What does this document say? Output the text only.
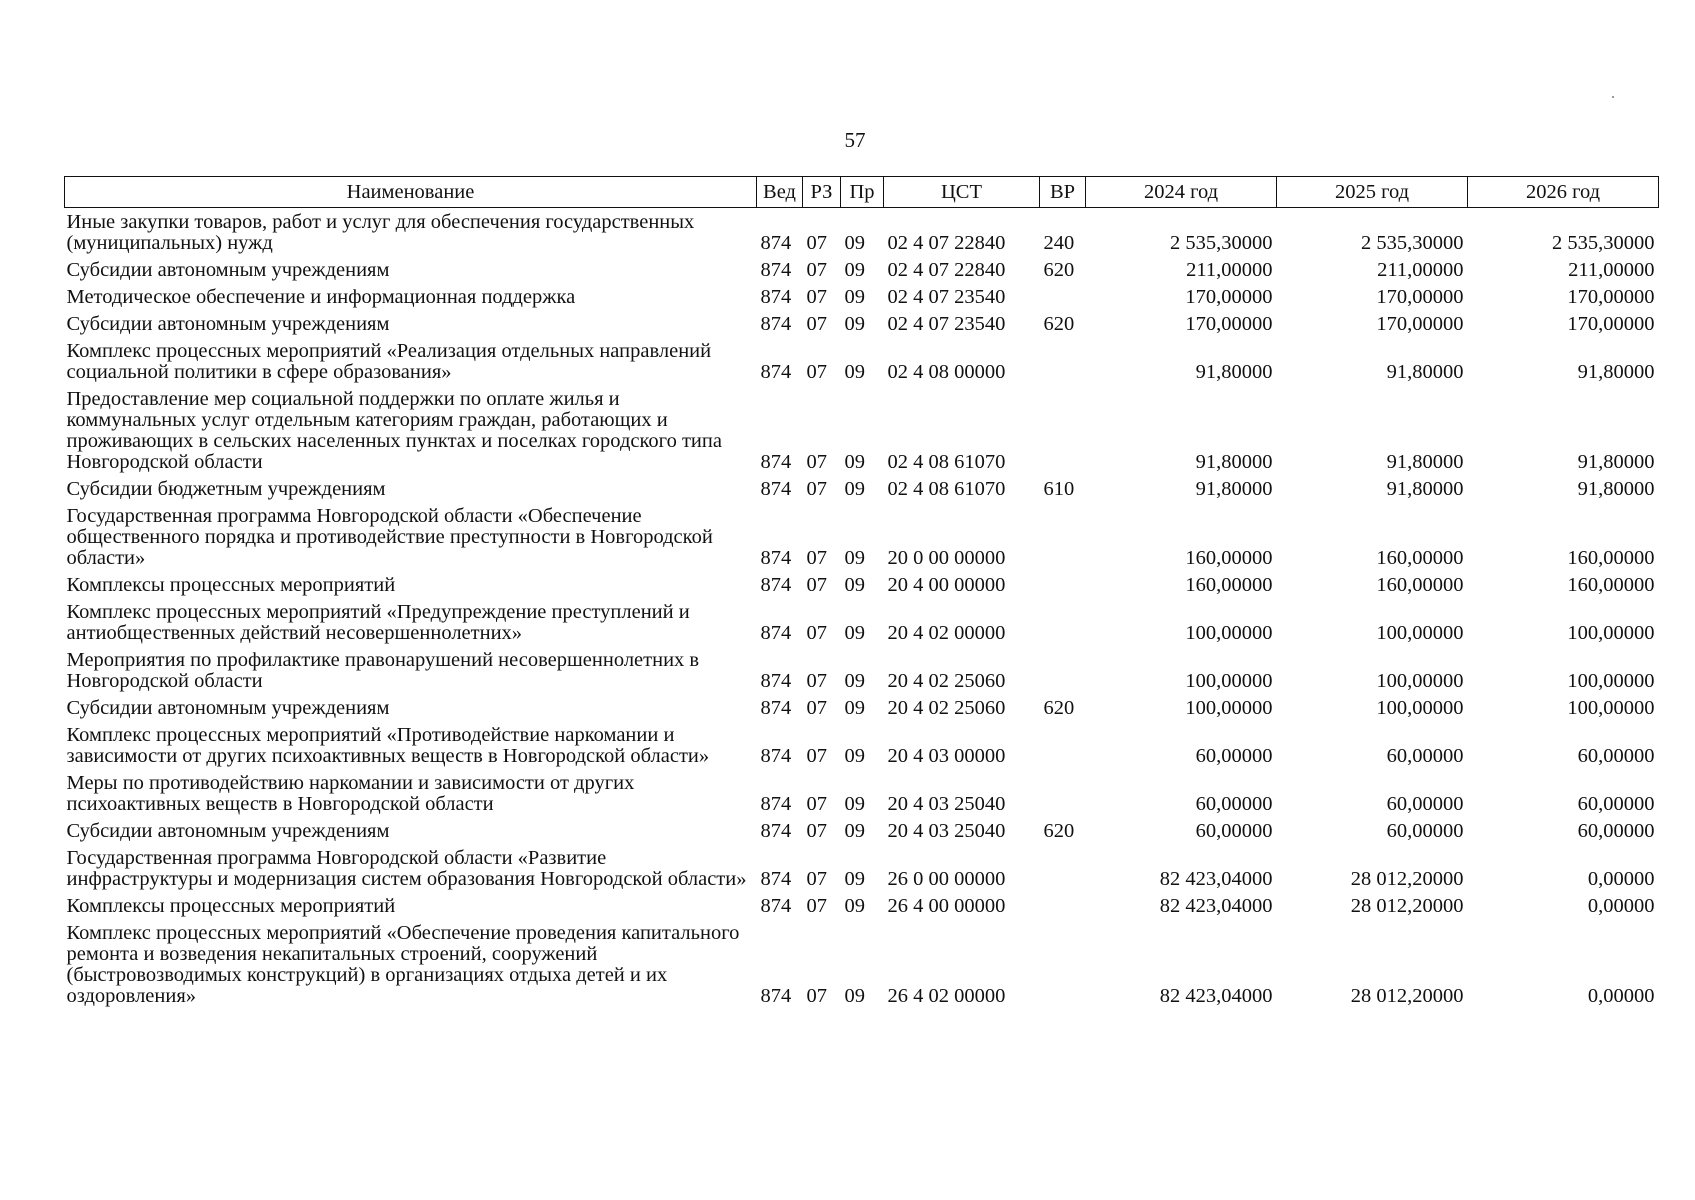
57
Наименование	Вед	РЗ	Пр	ЦСТ	ВР	2024 год	2025 год	2026 год
Иные закупки товаров, работ и услуг для обеспечения государственных (муниципальных) нужд	874	07	09	02 4 07 22840	240	2 535,30000	2 535,30000	2 535,30000
Субсидии автономным учреждениям	874	07	09	02 4 07 22840	620	211,00000	211,00000	211,00000
Методическое обеспечение и информационная поддержка	874	07	09	02 4 07 23540		170,00000	170,00000	170,00000
Субсидии автономным учреждениям	874	07	09	02 4 07 23540	620	170,00000	170,00000	170,00000
Комплекс процессных мероприятий «Реализация отдельных направлений социальной политики в сфере образования»	874	07	09	02 4 08 00000		91,80000	91,80000	91,80000
Предоставление мер социальной поддержки по оплате жилья и коммунальных услуг отдельным категориям граждан, работающих и проживающих в сельских населенных пунктах и поселках городского типа Новгородской области	874	07	09	02 4 08 61070		91,80000	91,80000	91,80000
Субсидии бюджетным учреждениям	874	07	09	02 4 08 61070	610	91,80000	91,80000	91,80000
Государственная программа Новгородской области «Обеспечение общественного порядка и противодействие преступности в Новгородской области»	874	07	09	20 0 00 00000		160,00000	160,00000	160,00000
Комплексы процессных мероприятий	874	07	09	20 4 00 00000		160,00000	160,00000	160,00000
Комплекс процессных мероприятий «Предупреждение преступлений и антиобщественных действий несовершеннолетних»	874	07	09	20 4 02 00000		100,00000	100,00000	100,00000
Мероприятия по профилактике правонарушений несовершеннолетних в Новгородской области	874	07	09	20 4 02 25060		100,00000	100,00000	100,00000
Субсидии автономным учреждениям	874	07	09	20 4 02 25060	620	100,00000	100,00000	100,00000
Комплекс процессных мероприятий «Противодействие наркомании и зависимости от других психоактивных веществ в Новгородской области»	874	07	09	20 4 03 00000		60,00000	60,00000	60,00000
Меры по противодействию наркомании и зависимости от других психоактивных веществ в Новгородской области	874	07	09	20 4 03 25040		60,00000	60,00000	60,00000
Субсидии автономным учреждениям	874	07	09	20 4 03 25040	620	60,00000	60,00000	60,00000
Государственная программа Новгородской области «Развитие инфраструктуры и модернизация систем образования Новгородской области»	874	07	09	26 0 00 00000		82 423,04000	28 012,20000	0,00000
Комплексы процессных мероприятий	874	07	09	26 4 00 00000		82 423,04000	28 012,20000	0,00000
Комплекс процессных мероприятий «Обеспечение проведения капитального ремонта и возведения некапитальных строений, сооружений (быстровозводимых конструкций) в организациях отдыха детей и их оздоровления»	874	07	09	26 4 02 00000		82 423,04000	28 012,20000	0,00000
